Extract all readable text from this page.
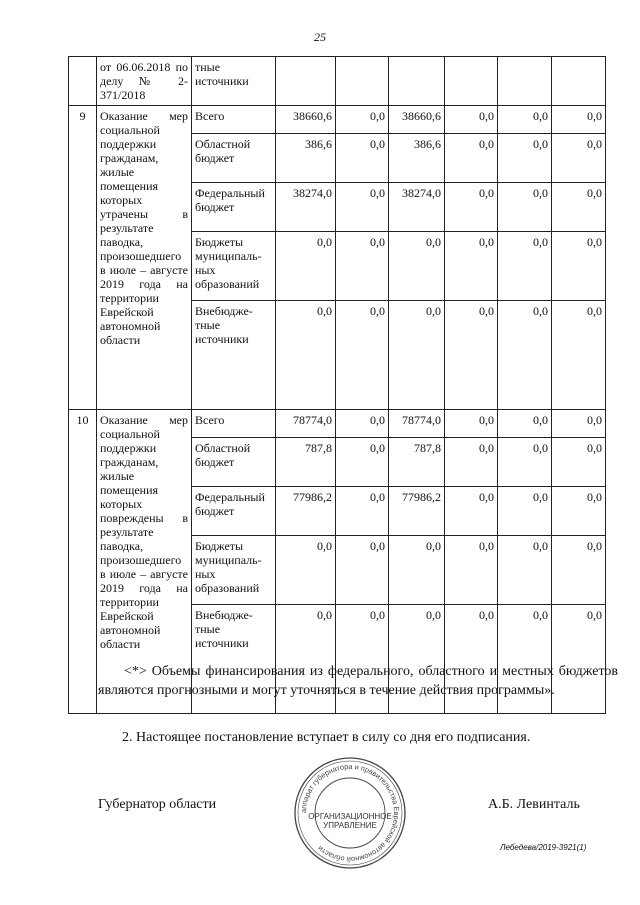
25
	от 06.06.2018 по делу № 2-371/2018	тные источники						
9	Оказание мер социальной поддержки гражданам, жилые помещения которых утрачены в результате паводка, произошедшего в июле – августе 2019 года на территории Еврейской автономной области	Всего	38660,6	0,0	38660,6	0,0	0,0	0,0
		Областной бюджет	386,6	0,0	386,6	0,0	0,0	0,0
		Федеральный бюджет	38274,0	0,0	38274,0	0,0	0,0	0,0
		Бюджеты муниципаль-ных образований	0,0	0,0	0,0	0,0	0,0	0,0
		Внебюдже-тные источники	0,0	0,0	0,0	0,0	0,0	0,0
10	Оказание мер социальной поддержки гражданам, жилые помещения которых повреждены в результате паводка, произошедшего в июле – августе 2019 года на территории Еврейской автономной области	Всего	78774,0	0,0	78774,0	0,0	0,0	0,0
		Областной бюджет	787,8	0,0	787,8	0,0	0,0	0,0
		Федеральный бюджет	77986,2	0,0	77986,2	0,0	0,0	0,0
		Бюджеты муниципаль-ных образований	0,0	0,0	0,0	0,0	0,0	0,0
		Внебюдже-тные источники	0,0	0,0	0,0	0,0	0,0	0,0
<*> Объемы финансирования из федерального, областного и местных бюджетов являются прогнозными и могут уточняться в течение действия программы».
2. Настоящее постановление вступает в силу со дня его подписания.
Губернатор области	А.Б. Левинталь
аппарат губернатора и правительства Еврейской автономной области
ОРГАНИЗАЦИОННОЕ
УПРАВЛЕНИЕ
Лебедева/2019-3921(1)
